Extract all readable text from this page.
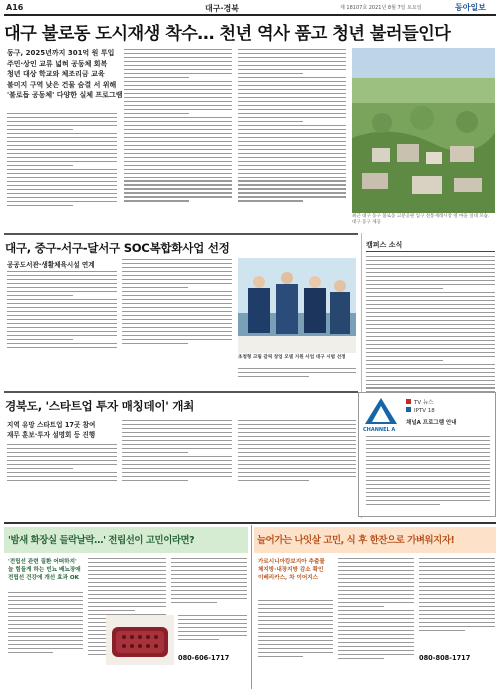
A16	대구·경북	제 18107호 2021년 8월 7일 토요일	동아일보
대구 불로동 도시재생 착수… 천년 역사 품고 청년 불러들인다
동구, 2025년까지 301억 원 투입
주민·상인 교류 넓혀 공동체 회복
청년 대상 학교와 체조리금 교육
불미지 구역 낮은 건물 숨결 서 위해
'불로돕 공동체' 다양한 실체 프로그램
최근 대구 동구 불로동 고분공원 입구 전통재래시장 옆 마을 일대 모습. 대구 동구 제공
대구, 중구-서구-달서구 SOC복합화사업 선정
공공도서관·생활체육시설 연계
초청형 크림 갈릭 창업 모델 지원 사업 대구 시범 선정
경북도, '스타트업 투자 매칭데이' 개최
지역 유망 스타트업 17곳 참여
재무 훈보·투자 설명회 등 진행
캠퍼스 소식
CHANNEL A
TV 뉴스
IPTV 18
채널A 프로그램 안내
'밤새 화장실 들락날락…' 전립선이 고민이라면?
'전립선 관련 질환 어떠하지'
늘 힘들게 하는 빈뇨 배뇨장애 전립선 건강에 개선 효과 OK
080-606-1717
늘어가는 나잇살 고민, 식 후 한잔으로 가벼워지자!
가르시니아캄보지아 추출물
체지방·내장지방 감소 확인
이베리카스, 차 이어지스
080-808-1717
